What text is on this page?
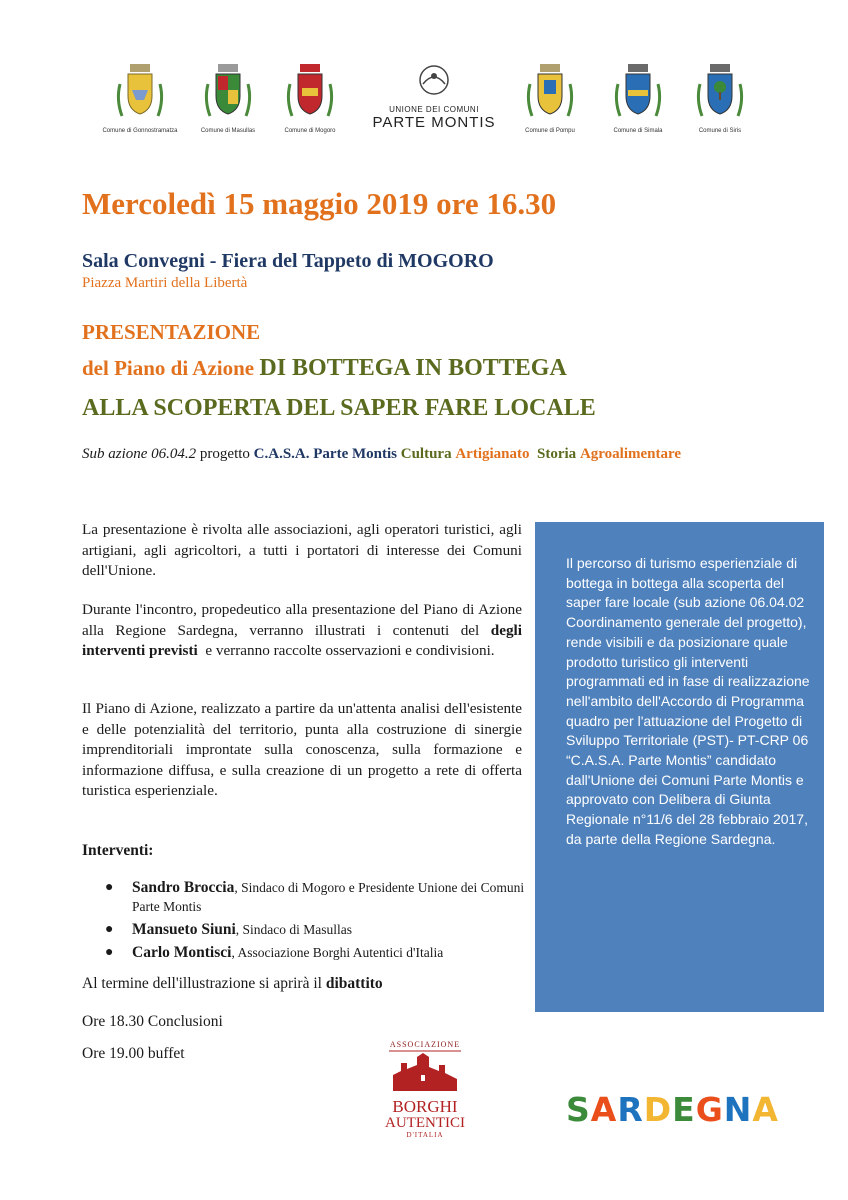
Comune di Gonnostramatza	Comune di Masullas	Comune di Mogoro
UNIONE DEI COMUNI
PARTE MONTIS	Comune di Pompu	Comune di Simala	Comune di Siris
Mercoledì 15 maggio 2019 ore 16.30
Sala Convegni - Fiera del Tappeto di MOGORO
Piazza Martiri della Libertà
PRESENTAZIONE
del Piano di Azione DI BOTTEGA IN BOTTEGA
ALLA SCOPERTA DEL SAPER FARE LOCALE
Sub azione 06.04.2 progetto C.A.S.A. Parte Montis Cultura Artigianato Storia Agroalimentare
La presentazione è rivolta alle associazioni, agli operatori turistici, agli artigiani, agli agricoltori, a tutti i portatori di interesse dei Comuni dell'Unione.
Durante l'incontro, propedeutico alla presentazione del Piano di Azione alla Regione Sardegna, verranno illustrati i contenuti del degli interventi previsti e verranno raccolte osservazioni e condivisioni.
Il Piano di Azione, realizzato a partire da un'attenta analisi dell'esistente e delle potenzialità del territorio, punta alla costruzione di sinergie imprenditoriali improntate sulla conoscenza, sulla formazione e informazione diffusa, e sulla creazione di un progetto a rete di offerta turistica esperienziale.
Interventi:
● Sandro Broccia, Sindaco di Mogoro e Presidente Unione dei Comuni Parte Montis
● Mansueto Siuni, Sindaco di Masullas
● Carlo Montisci, Associazione Borghi Autentici d'Italia
Al termine dell'illustrazione si aprirà il dibattito
Ore 18.30 Conclusioni
Ore 19.00 buffet
Il percorso di turismo esperienziale di bottega in bottega alla scoperta del saper fare locale (sub azione 06.04.02 Coordinamento generale del progetto), rende visibili e da posizionare quale prodotto turistico gli interventi programmati ed in fase di realizzazione nell'ambito dell'Accordo di Programma quadro per l'attuazione del Progetto di Sviluppo Territoriale (PST)- PT-CRP 06 “C.A.S.A. Parte Montis” candidato dall'Unione dei Comuni Parte Montis e approvato con Delibera di Giunta Regionale n°11/6 del 28 febbraio 2017, da parte della Regione Sardegna.
ASSOCIAZIONE
BORGHI
AUTENTICI
D'ITALIA
SARDEGNA
